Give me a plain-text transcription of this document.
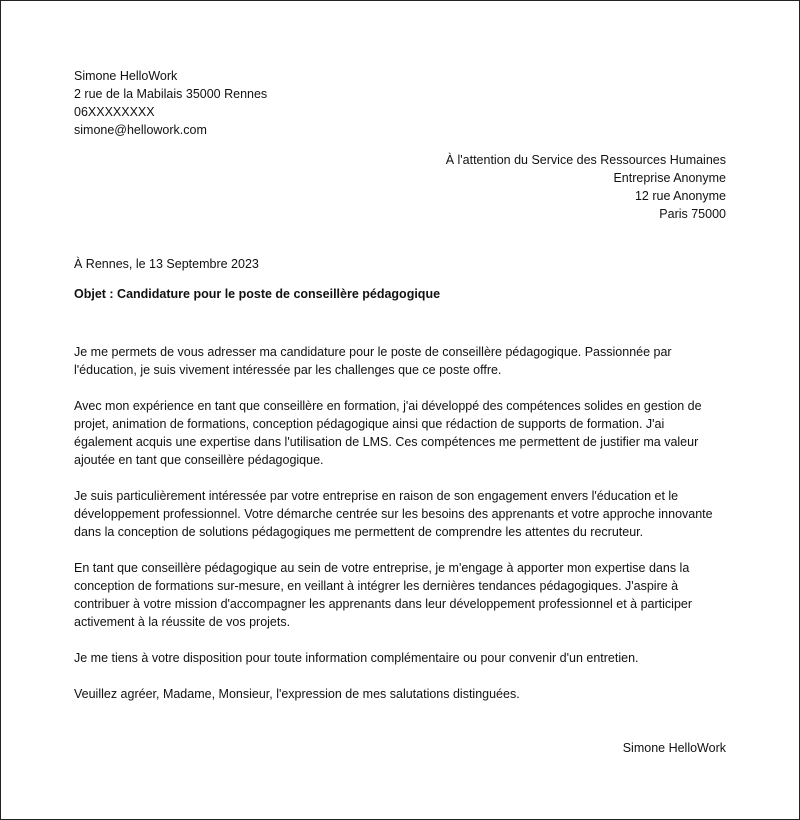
Simone HelloWork
2 rue de la Mabilais 35000 Rennes
06XXXXXXXX
simone@hellowork.com
À l'attention du Service des Ressources Humaines
Entreprise Anonyme
12 rue Anonyme
Paris 75000
À Rennes, le 13 Septembre 2023
Objet : Candidature pour le poste de conseillère pédagogique

Je me permets de vous adresser ma candidature pour le poste de conseillère pédagogique. Passionnée par
l'éducation, je suis vivement intéressée par les challenges que ce poste offre.

Avec mon expérience en tant que conseillère en formation, j'ai développé des compétences solides en gestion de
projet, animation de formations, conception pédagogique ainsi que rédaction de supports de formation. J'ai
également acquis une expertise dans l'utilisation de LMS. Ces compétences me permettent de justifier ma valeur
ajoutée en tant que conseillère pédagogique.

Je suis particulièrement intéressée par votre entreprise en raison de son engagement envers l'éducation et le
développement professionnel. Votre démarche centrée sur les besoins des apprenants et votre approche innovante
dans la conception de solutions pédagogiques me permettent de comprendre les attentes du recruteur.

En tant que conseillère pédagogique au sein de votre entreprise, je m'engage à apporter mon expertise dans la
conception de formations sur-mesure, en veillant à intégrer les dernières tendances pédagogiques. J'aspire à
contribuer à votre mission d'accompagner les apprenants dans leur développement professionnel et à participer
activement à la réussite de vos projets.

Je me tiens à votre disposition pour toute information complémentaire ou pour convenir d'un entretien.

Veuillez agréer, Madame, Monsieur, l'expression de mes salutations distinguées.

Simone HelloWork
